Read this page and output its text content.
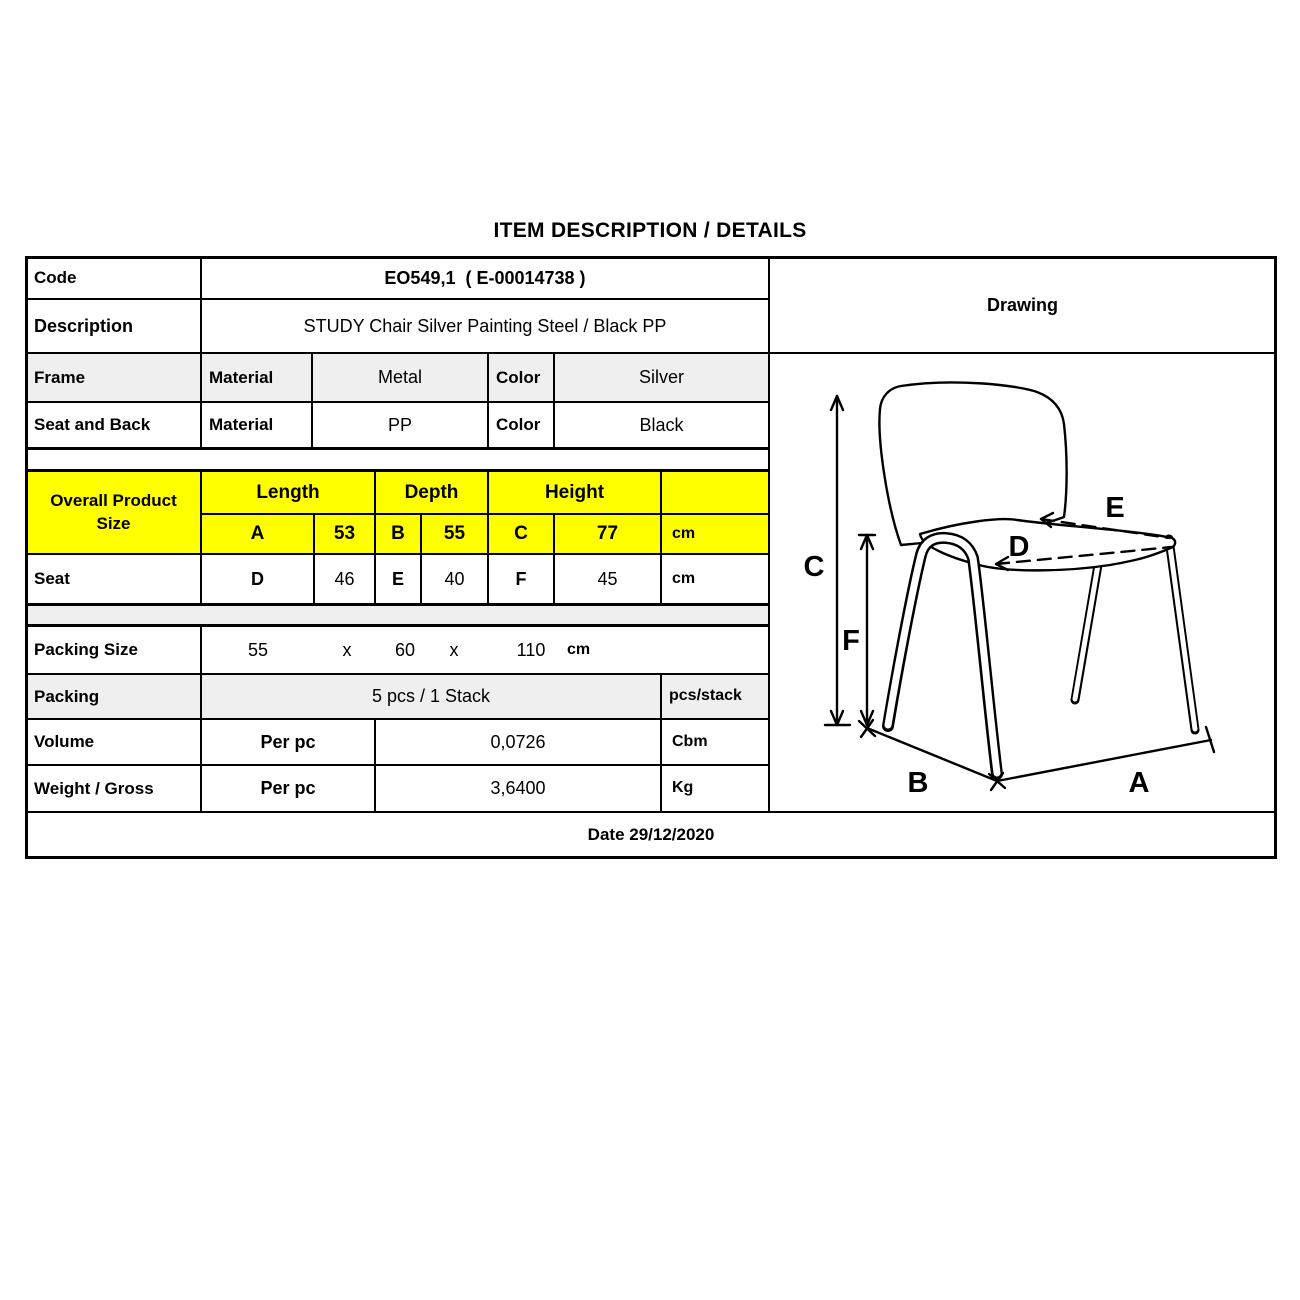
ITEM DESCRIPTION / DETAILS
Code	EO549,1  ( E-00014738 )
Description	STUDY Chair Silver Painting Steel / Black PP
Drawing
Frame	Material	Metal	Color	Silver
Seat and Back	Material	PP	Color	Black
Overall Product Size
Length	Depth	Height
A	53	B	55	C	77	cm
Seat	D	46	E	40	F	45	cm
Packing Size	55	x 60 x	110 cm
Packing	5 pcs / 1 Stack	pcs/stack
Volume	Per pc	0,0726	Cbm
Weight / Gross	Per pc	3,6400	Kg
Date 29/12/2020
C
F
D
E
B	A
